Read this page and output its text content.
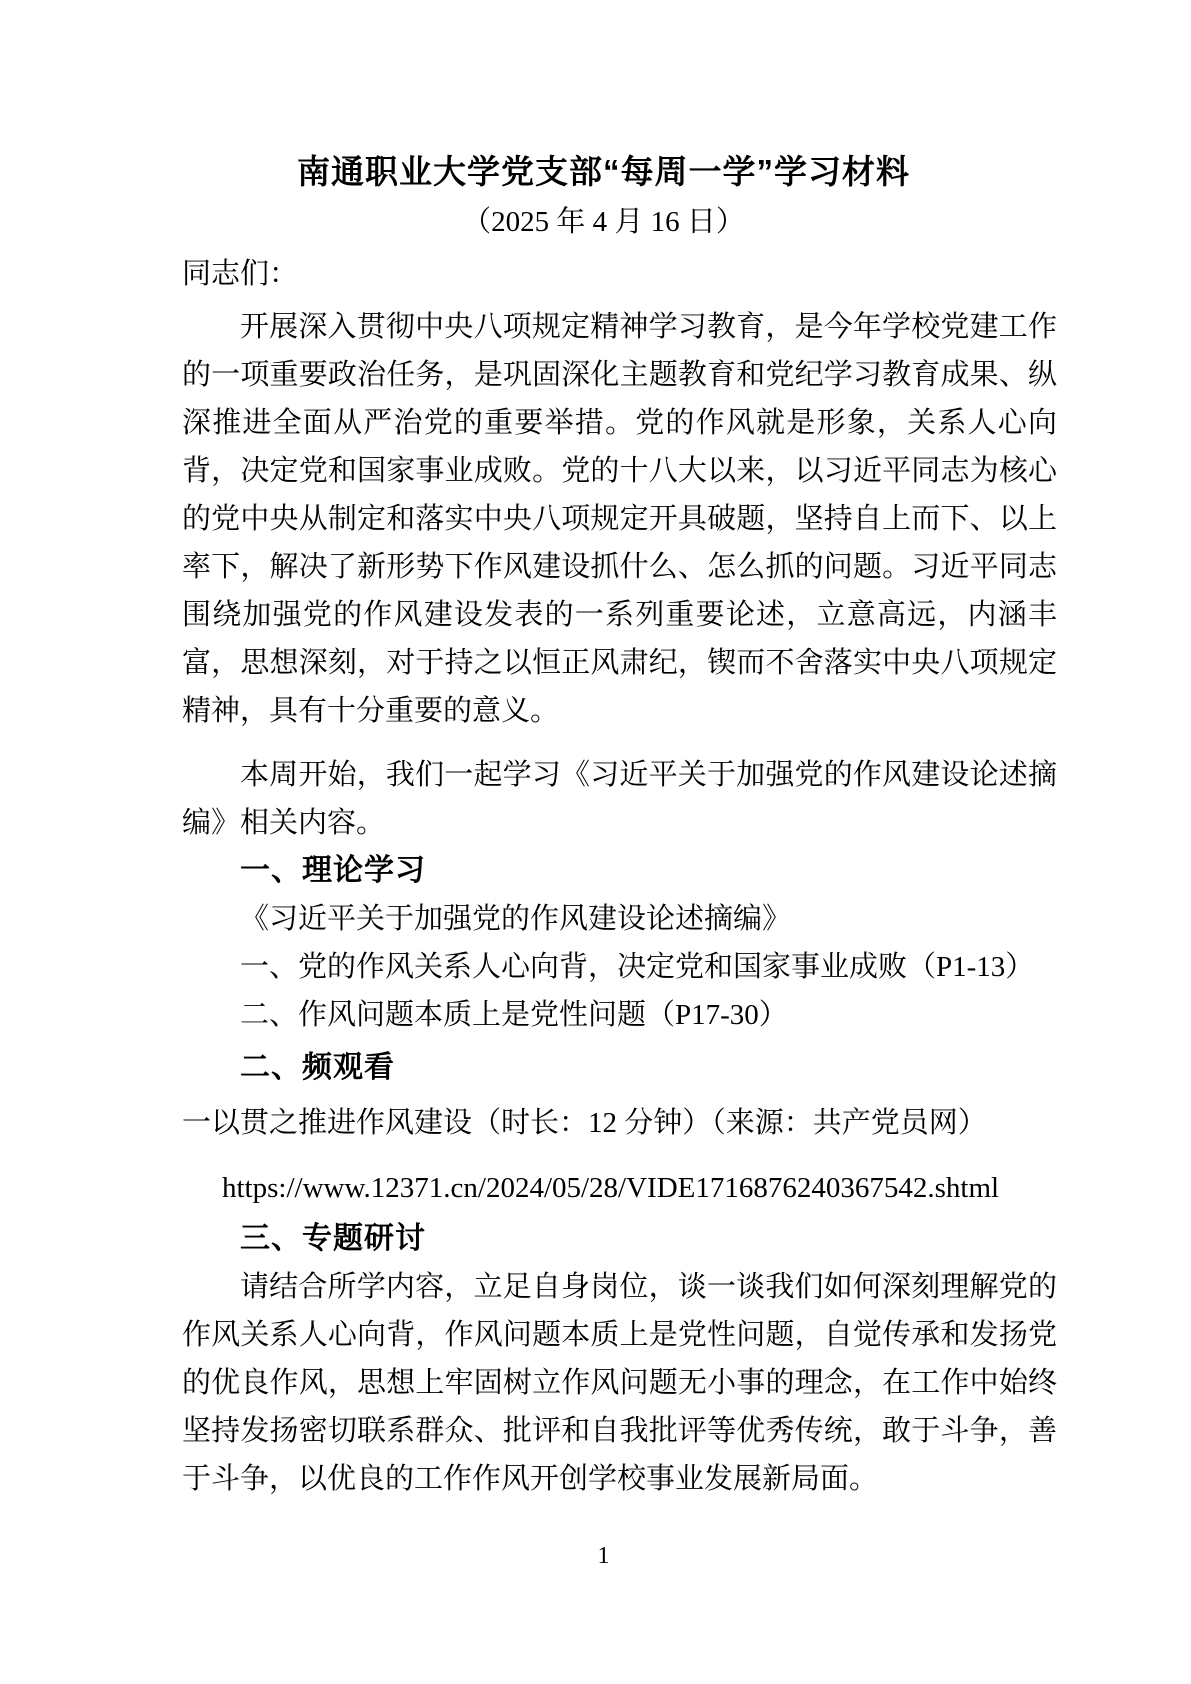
南通职业大学党支部“每周一学”学习材料
（2025 年 4 月 16 日）
同志们：

开展深入贯彻中央八项规定精神学习教育，是今年学校党建工作的一项重要政治任务，是巩固深化主题教育和党纪学习教育成果、纵深推进全面从严治党的重要举措。党的作风就是形象，关系人心向背，决定党和国家事业成败。党的十八大以来，以习近平同志为核心的党中央从制定和落实中央八项规定开具破题，坚持自上而下、以上率下，解决了新形势下作风建设抓什么、怎么抓的问题。习近平同志围绕加强党的作风建设发表的一系列重要论述，立意高远，内涵丰富，思想深刻，对于持之以恒正风肃纪，锲而不舍落实中央八项规定精神，具有十分重要的意义。

本周开始，我们一起学习《习近平关于加强党的作风建设论述摘编》相关内容。

一、理论学习
《习近平关于加强党的作风建设论述摘编》
一、党的作风关系人心向背，决定党和国家事业成败（P1-13）
二、作风问题本质上是党性问题（P17-30）
二、频观看
一以贯之推进作风建设（时长：12 分钟）（来源：共产党员网）
https://www.12371.cn/2024/05/28/VIDE1716876240367542.shtml
三、专题研讨

请结合所学内容，立足自身岗位，谈一谈我们如何深刻理解党的作风关系人心向背，作风问题本质上是党性问题，自觉传承和发扬党的优良作风，思想上牢固树立作风问题无小事的理念，在工作中始终坚持发扬密切联系群众、批评和自我批评等优秀传统，敢于斗争，善于斗争，以优良的工作作风开创学校事业发展新局面。

1
